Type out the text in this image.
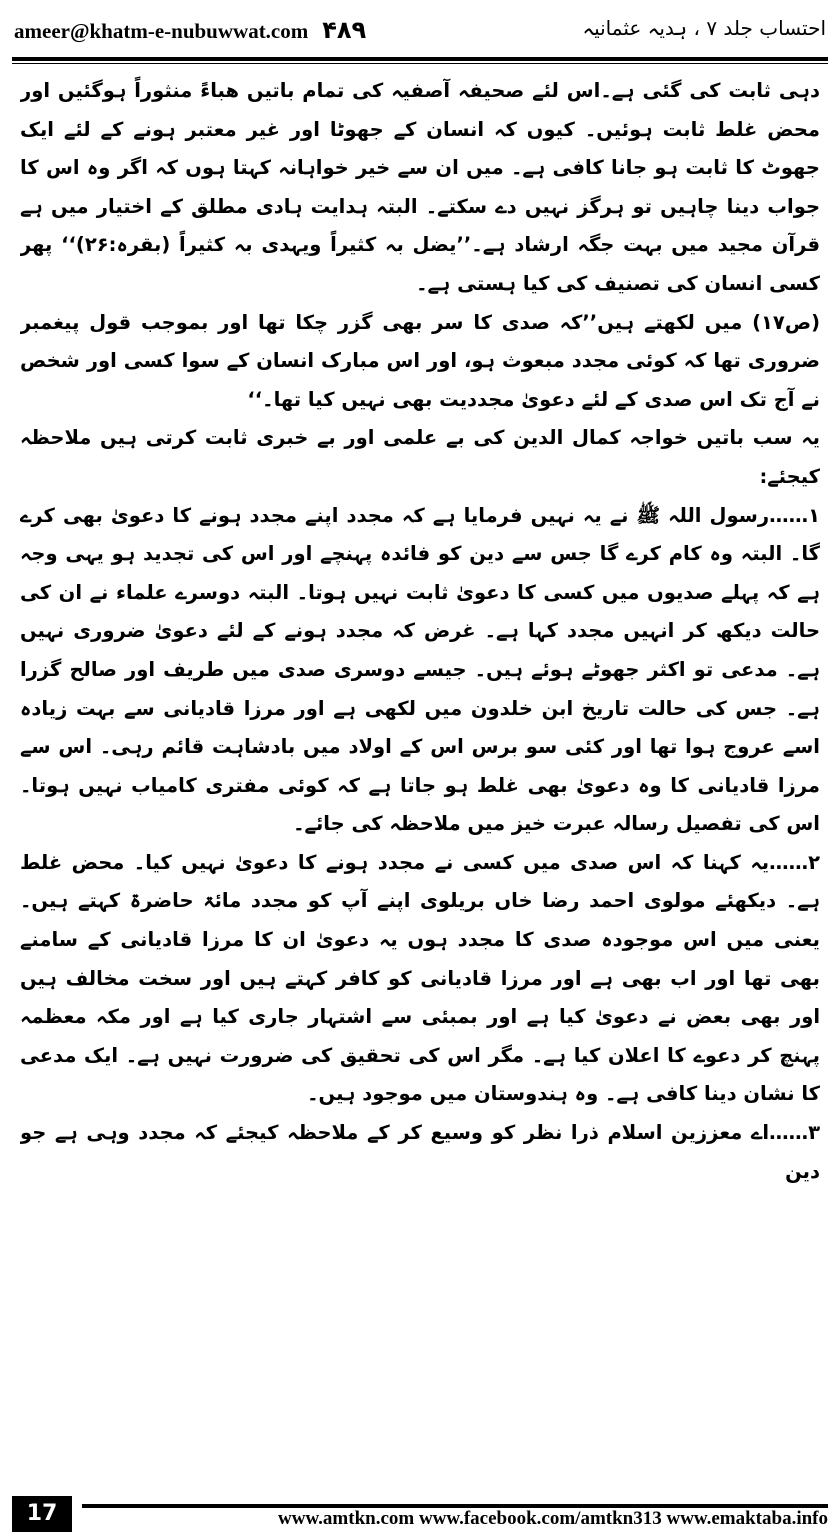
ameer@khatm-e-nubuwwat.com ۴۸۹	احتساب جلد ۷ ، ہدیہ عثمانیہ

دہی ثابت کی گئی ہے۔اس لئے صحیفہ آصفیہ کی تمام باتیں ھباءً منثوراً ہوگئیں اور محض غلط ثابت ہوئیں۔ کیوں کہ انسان کے جھوٹا اور غیر معتبر ہونے کے لئے ایک جھوٹ کا ثابت ہو جانا کافی ہے۔ میں ان سے خیر خواہانہ کہتا ہوں کہ اگر وہ اس کا جواب دینا چاہیں تو ہرگز نہیں دے سکتے۔ البتہ ہدایت ہادی مطلق کے اختیار میں ہے قرآن مجید میں بہت جگہ ارشاد ہے۔’’یضل بہ کثیراً ویہدی بہ کثیراً (بقرہ:۲۶)‘‘ پھر کسی انسان کی تصنیف کی کیا ہستی ہے۔

(ص۱۷) میں لکھتے ہیں’’کہ صدی کا سر بھی گزر چکا تھا اور بموجب قول پیغمبر ضروری تھا کہ کوئی مجدد مبعوث ہو، اور اس مبارک انسان کے سوا کسی اور شخص نے آج تک اس صدی کے لئے دعویٰ مجددیت بھی نہیں کیا تھا۔‘‘

یہ سب باتیں خواجہ کمال الدین کی بے علمی اور بے خبری ثابت کرتی ہیں ملاحظہ کیجئے:

۱……رسول اللہ ﷺ نے یہ نہیں فرمایا ہے کہ مجدد اپنے مجدد ہونے کا دعویٰ بھی کرے گا۔ البتہ وہ کام کرے گا جس سے دین کو فائدہ پہنچے اور اس کی تجدید ہو یہی وجہ ہے کہ پہلے صدیوں میں کسی کا دعویٰ ثابت نہیں ہوتا۔ البتہ دوسرے علماء نے ان کی حالت دیکھ کر انہیں مجدد کہا ہے۔ غرض کہ مجدد ہونے کے لئے دعویٰ ضروری نہیں ہے۔ مدعی تو اکثر جھوٹے ہوئے ہیں۔ جیسے دوسری صدی میں طریف اور صالح گزرا ہے۔ جس کی حالت تاریخ ابن خلدون میں لکھی ہے اور مرزا قادیانی سے بہت زیادہ اسے عروج ہوا تھا اور کئی سو برس اس کے اولاد میں بادشاہت قائم رہی۔ اس سے مرزا قادیانی کا وہ دعویٰ بھی غلط ہو جاتا ہے کہ کوئی مفتری کامیاب نہیں ہوتا۔ اس کی تفصیل رسالہ عبرت خیز میں ملاحظہ کی جائے۔

۲……یہ کہنا کہ اس صدی میں کسی نے مجدد ہونے کا دعویٰ نہیں کیا۔ محض غلط ہے۔ دیکھئے مولوی احمد رضا خاں بریلوی اپنے آپ کو مجدد مائۃ حاضرۃ کہتے ہیں۔ یعنی میں اس موجودہ صدی کا مجدد ہوں یہ دعویٰ ان کا مرزا قادیانی کے سامنے بھی تھا اور اب بھی ہے اور مرزا قادیانی کو کافر کہتے ہیں اور سخت مخالف ہیں اور بھی بعض نے دعویٰ کیا ہے اور بمبئی سے اشتہار جاری کیا ہے اور مکہ معظمہ پہنچ کر دعوے کا اعلان کیا ہے۔ مگر اس کی تحقیق کی ضرورت نہیں ہے۔ ایک مدعی کا نشان دینا کافی ہے۔ وہ ہندوستان میں موجود ہیں۔

۳……اے معززین اسلام ذرا نظر کو وسیع کر کے ملاحظہ کیجئے کہ مجدد وہی ہے جو دین

17	www.amtkn.com www.facebook.com/amtkn313 www.emaktaba.info
